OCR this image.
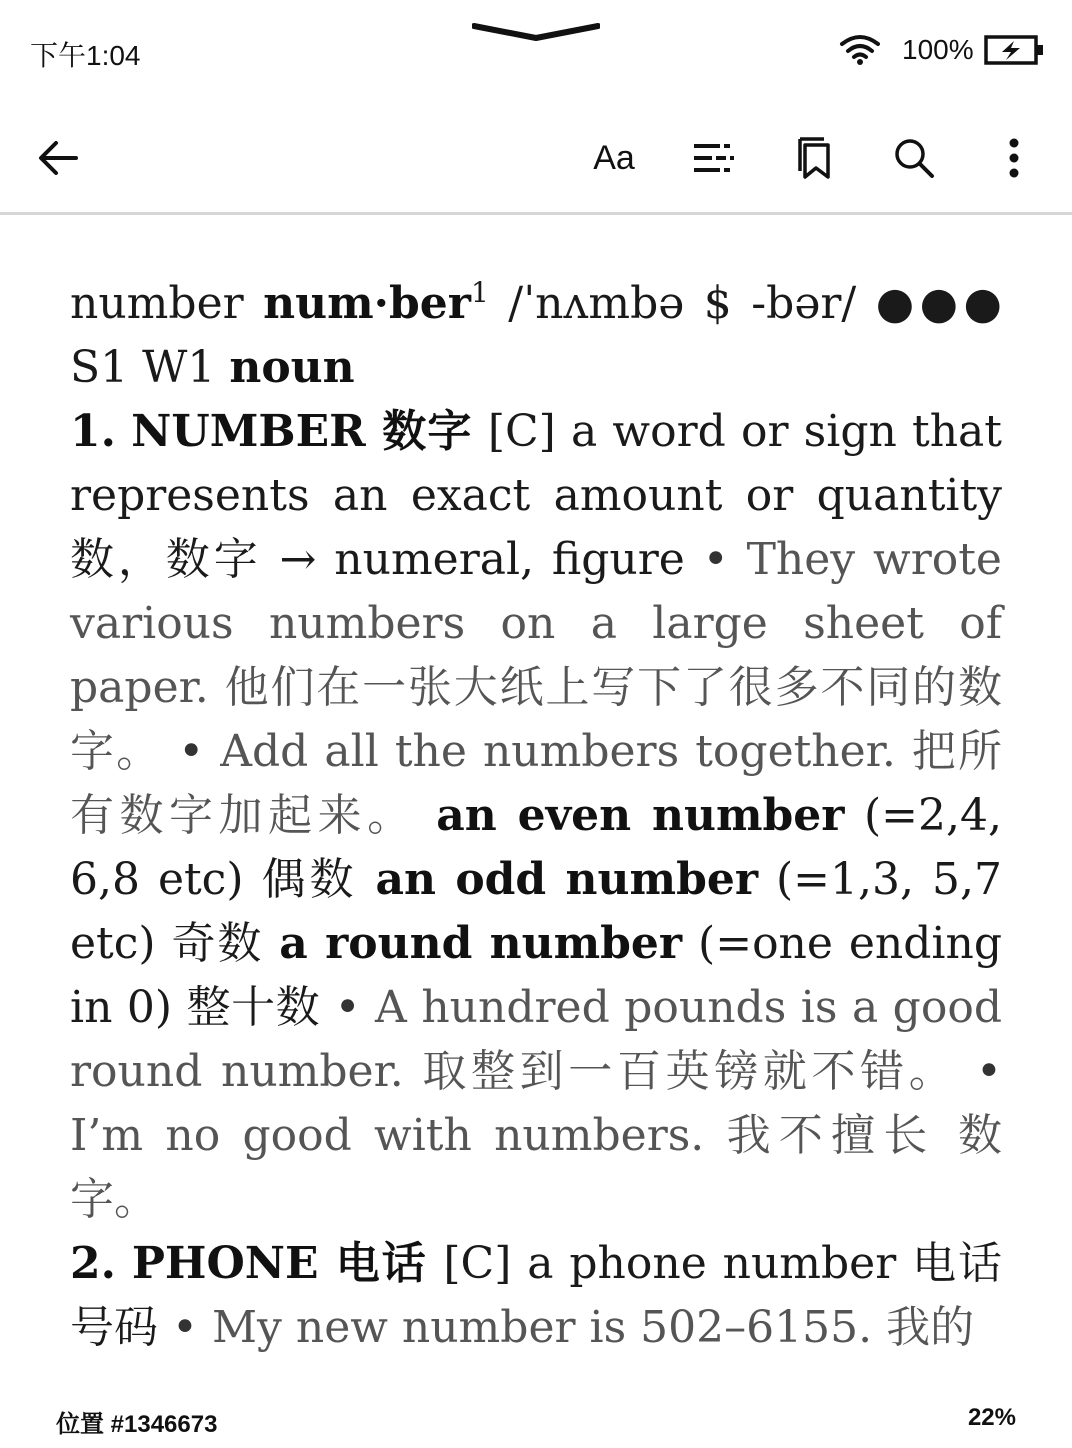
下午1:04	100%
Aa

number num·ber$^1$ /ˈnʌmbə $ -bər/ ●●● S1 W1 noun

1. NUMBER 数字 [C] a word or sign that represents an exact amount or quantity 数，数字 → numeral, figure • They wrote various numbers on a large sheet of paper. 他们在一张大纸上写下了很多不同的数字。 • Add all the numbers together. 把所有数字加起来。 an even number (=2,4, 6,8 etc) 偶数 an odd number (=1,3, 5,7 etc) 奇数 a round number (=one ending in 0) 整十数 • A hundred pounds is a good round number. 取整到一百英镑就不错。 • I’m no good with numbers. 我不擅长 数字。

2. PHONE 电话 [C] a phone number 电话号码 • My new number is 502–6155. 我的

位置 #1346673	22%
